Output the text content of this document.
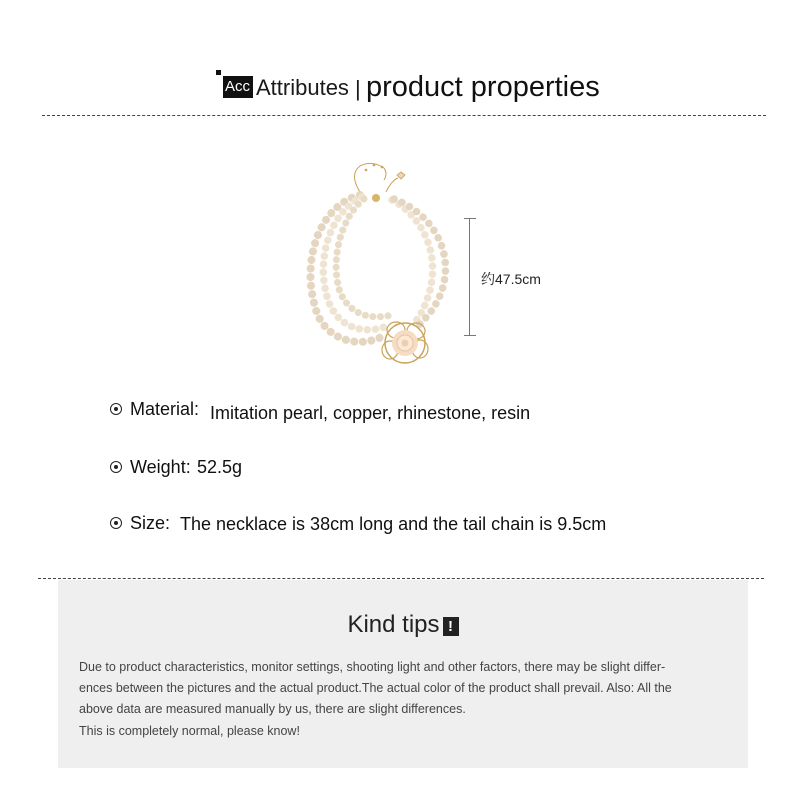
Acc Attributes | product properties
约47.5cm
Material: Imitation pearl, copper, rhinestone, resin
Weight: 52.5g
Size: The necklace is 38cm long and the tail chain is 9.5cm
Kind tips !
Due to product characteristics, monitor settings, shooting light and other factors, there may be slight differ-
ences between the pictures and the actual product.The actual color of the product shall prevail. Also: All the
above data are measured manually by us, there are slight differences.
This is completely normal, please know!
